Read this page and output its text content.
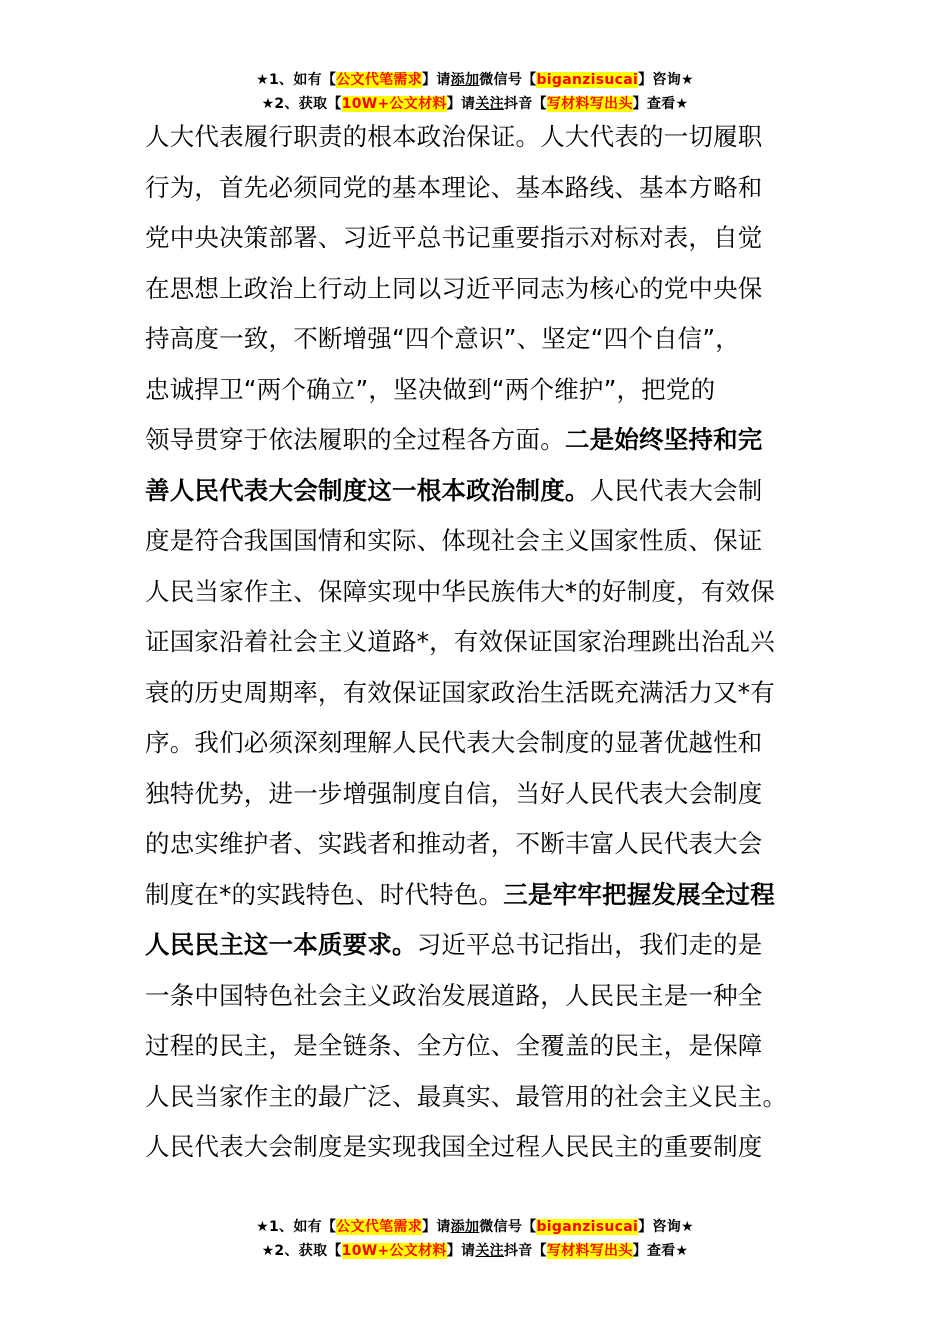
★1、如有【公文代笔需求】请添加微信号【biganzisucai】咨询★
★2、获取【10W+公文材料】请关注抖音【写材料写出头】查看★
人大代表履行职责的根本政治保证。人大代表的一切履职
行为，首先必须同党的基本理论、基本路线、基本方略和
党中央决策部署、习近平总书记重要指示对标对表，自觉
在思想上政治上行动上同以习近平同志为核心的党中央保
持高度一致，不断增强“四个意识”、坚定“四个自信”，
忠诚捍卫“两个确立”，坚决做到“两个维护”，把党的
领导贯穿于依法履职的全过程各方面。二是始终坚持和完
善人民代表大会制度这一根本政治制度。人民代表大会制
度是符合我国国情和实际、体现社会主义国家性质、保证
人民当家作主、保障实现中华民族伟大*的好制度，有效保
证国家沿着社会主义道路*，有效保证国家治理跳出治乱兴
衰的历史周期率，有效保证国家政治生活既充满活力又*有
序。我们必须深刻理解人民代表大会制度的显著优越性和
独特优势，进一步增强制度自信，当好人民代表大会制度
的忠实维护者、实践者和推动者，不断丰富人民代表大会
制度在*的实践特色、时代特色。三是牢牢把握发展全过程
人民民主这一本质要求。习近平总书记指出，我们走的是
一条中国特色社会主义政治发展道路，人民民主是一种全
过程的民主，是全链条、全方位、全覆盖的民主，是保障
人民当家作主的最广泛、最真实、最管用的社会主义民主。
人民代表大会制度是实现我国全过程人民民主的重要制度
★1、如有【公文代笔需求】请添加微信号【biganzisucai】咨询★
★2、获取【10W+公文材料】请关注抖音【写材料写出头】查看★
